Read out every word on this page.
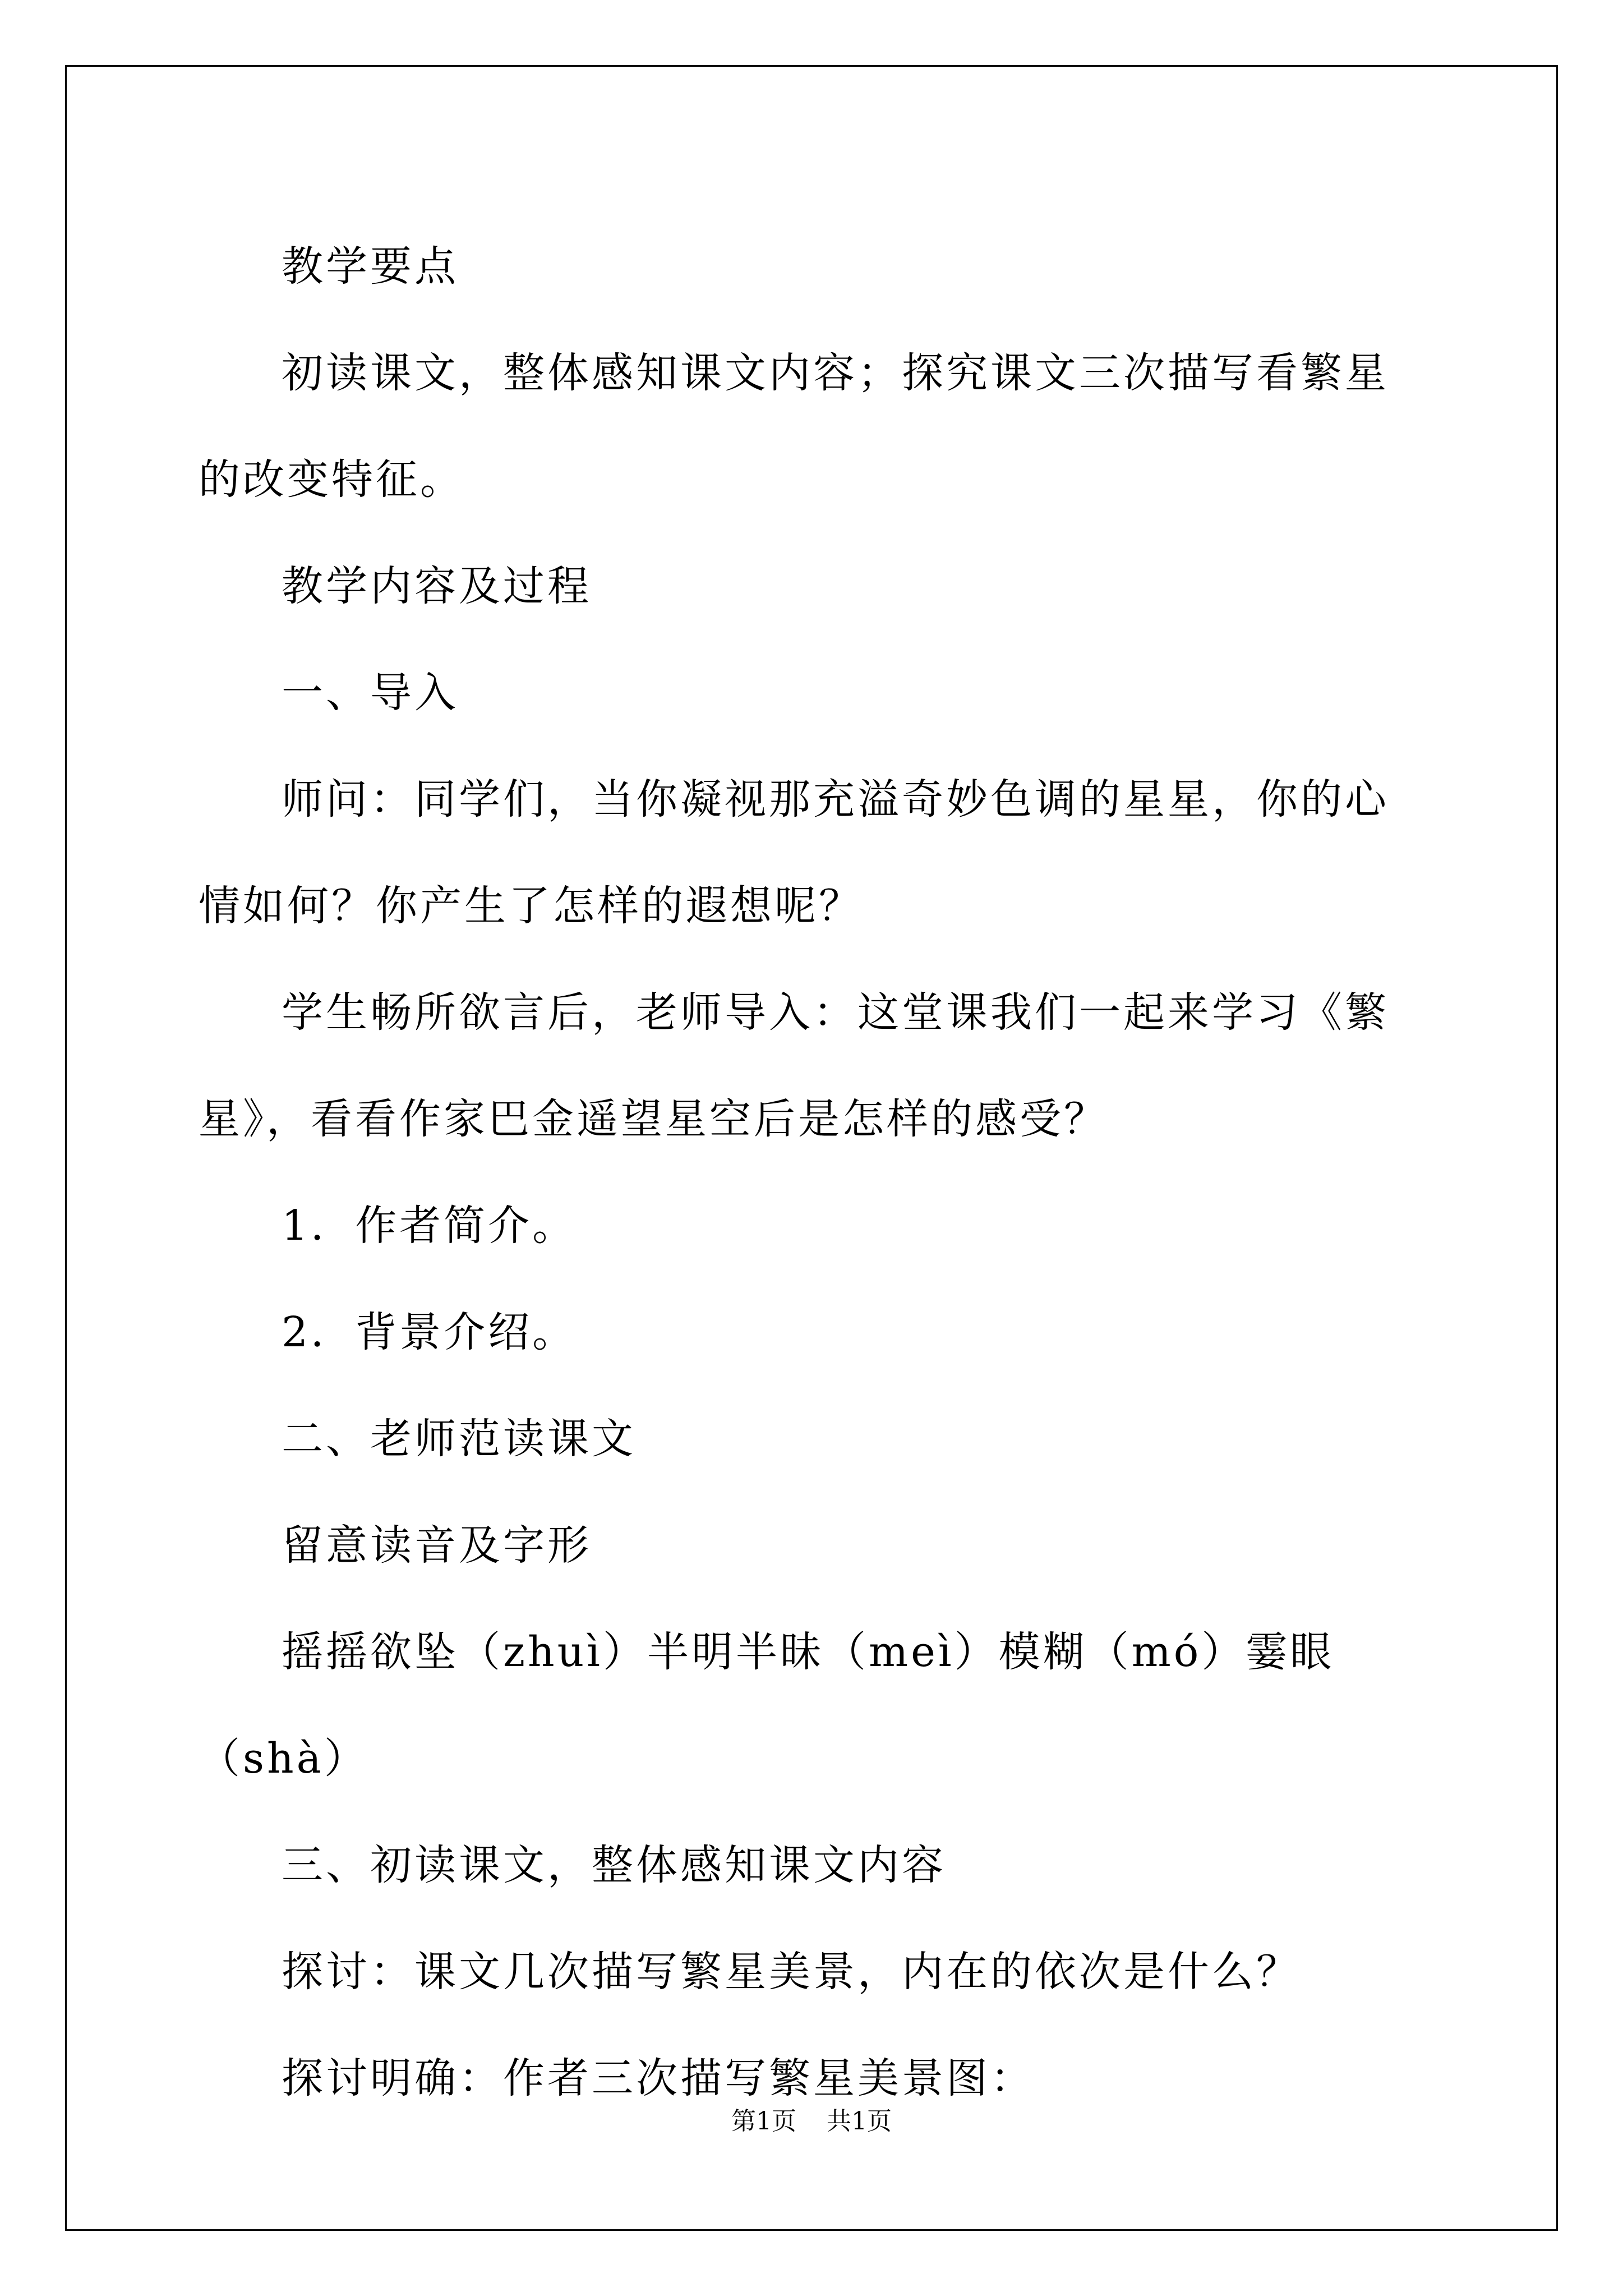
教学要点

初读课文，整体感知课文内容；探究课文三次描写看繁星的改变特征。

教学内容及过程

一、导入

师问：同学们，当你凝视那充溢奇妙色调的星星，你的心情如何？你产生了怎样的遐想呢？

学生畅所欲言后，老师导入：这堂课我们一起来学习《繁星》，看看作家巴金遥望星空后是怎样的感受？

1．作者简介。

2．背景介绍。

二、老师范读课文

留意读音及字形

摇摇欲坠（zhuì）半明半昧（meì）模糊（mó）霎眼（shà）

三、初读课文，整体感知课文内容

探讨：课文几次描写繁星美景，内在的依次是什么？

探讨明确：作者三次描写繁星美景图：

第1页 共1页
